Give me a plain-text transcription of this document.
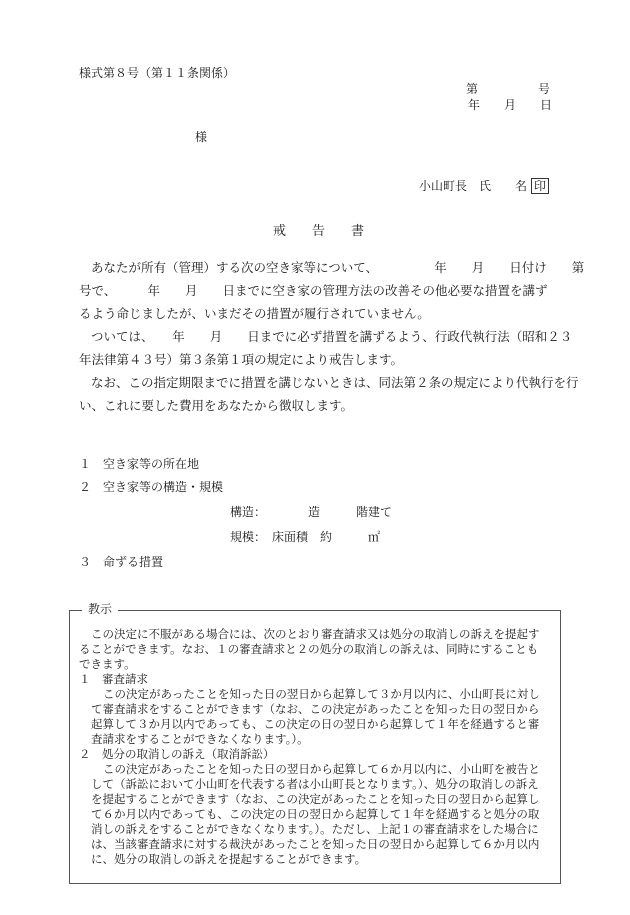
様式第８号（第１１条関係）
第　　　　　号
年　　月　　日
様
小山町長　氏　　名 印
戒　　告　　書
あなたが所有（管理）する次の空き家等について、　　　　　年　　月　　日付け　　第
号で、　　　年　　月　　日までに空き家の管理方法の改善その他必要な措置を講ず
るよう命じましたが、いまだその措置が履行されていません。
ついては、　　年　　月　　日までに必ず措置を講ずるよう、行政代執行法（昭和２３
年法律第４３号）第３条第１項の規定により戒告します。
なお、この指定期限までに措置を講じないときは、同法第２条の規定により代執行を行
い、これに要した費用をあなたから徴収します。
１　空き家等の所在地
２　空き家等の構造・規模
構造：　　　　造　　　階建て
規模：　床面積　約　　　㎡
３　命ずる措置
教示
この決定に不服がある場合には、次のとおり審査請求又は処分の取消しの訴えを提起す
ることができます。なお、１の審査請求と２の処分の取消しの訴えは、同時にすることも
できます。
１　審査請求
この決定があったことを知った日の翌日から起算して３か月以内に、小山町長に対し
て審査請求をすることができます（なお、この決定があったことを知った日の翌日から
起算して３か月以内であっても、この決定の日の翌日から起算して１年を経過すると審
査請求をすることができなくなります。）。
２　処分の取消しの訴え（取消訴訟）
この決定があったことを知った日の翌日から起算して６か月以内に、小山町を被告と
して（訴訟において小山町を代表する者は小山町長となります。）、処分の取消しの訴え
を提起することができます（なお、この決定があったことを知った日の翌日から起算し
て６か月以内であっても、この決定の日の翌日から起算して１年を経過すると処分の取
消しの訴えをすることができなくなります。）。ただし、上記１の審査請求をした場合に
は、当該審査請求に対する裁決があったことを知った日の翌日から起算して６か月以内
に、処分の取消しの訴えを提起することができます。
